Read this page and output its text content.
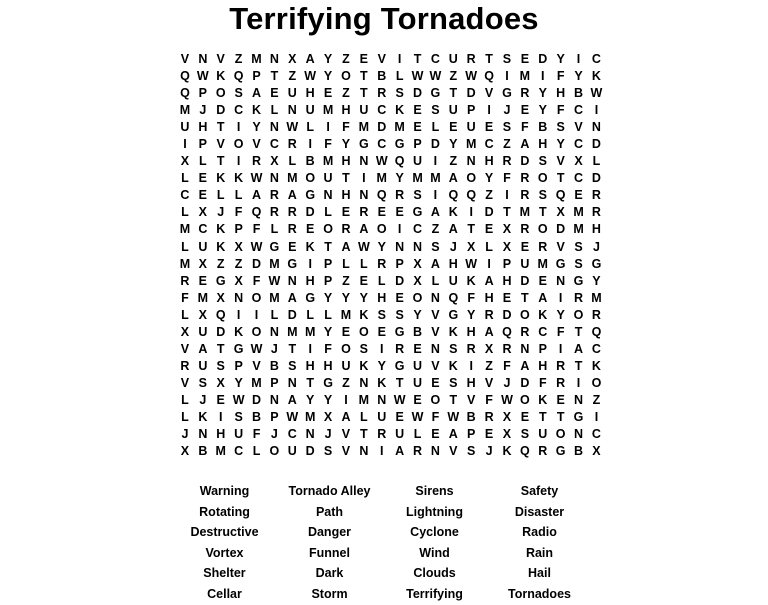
Terrifying Tornadoes
V N V Z M N X A Y Z E V I T C U R T S E D Y I C
Q W K Q P T Z W Y O T B L W W Z W Q I M I F Y K
Q P O S A E U H E Z T R S D G T D V G R Y H B W
M J D C K L N U M H U C K E S U P I	J E Y F C I
U H T I Y N W L I F M D M E L E U E S F B S V N
I P V O V C R I F Y G C G P D Y M C Z A H Y C D
X L T I R X L B M H N W Q U I Z N H R D S V X L
L E K K W N M O U T I M Y M M A O Y F R O T C D
C E L L A R A G N H N Q R S I Q Q Z I R S Q E R
L X J F Q R R D L E R E E G A K I D T M T X M R
M C K P F L R E O R A O I C Z A T E X R O D M H
L U K X W G E K T A W Y N N S J X L X E R V S J
M X Z Z D M G I P L L R P X A H W I P U M G S G
R E G X F W N H P Z E L D X L U K A H D E N G Y
F M X N O M A G Y Y Y H E O N Q F H E T A I R M
L X Q I	I L D L L M K S S Y V G Y R D O K Y O R
X U D K O N M M Y E O E G B V K H A Q R C F T Q
V A T G W J T I F O S I R E N S R X R N P I A C
R U S P V B S H H U K Y G U V K I Z F A H R T K
V S X Y M P N T G Z N K T U E S H V J D F R I O
L J E W D N A Y Y I M N W E O T V F W O K E N Z
L K I S B P W M X A L U E W F W B R X E T T G I
J N H U F J C N J V T R U L E A P E X S U O N C
X B M C L O U D S V N I A R N V S J K Q R G B X
Warning	Tornado Alley	Sirens	Safety
Rotating	Path	Lightning	Disaster
Destructive	Danger	Cyclone	Radio
Vortex	Funnel	Wind	Rain
Shelter	Dark	Clouds	Hail
Cellar	Storm	Terrifying	Tornadoes
